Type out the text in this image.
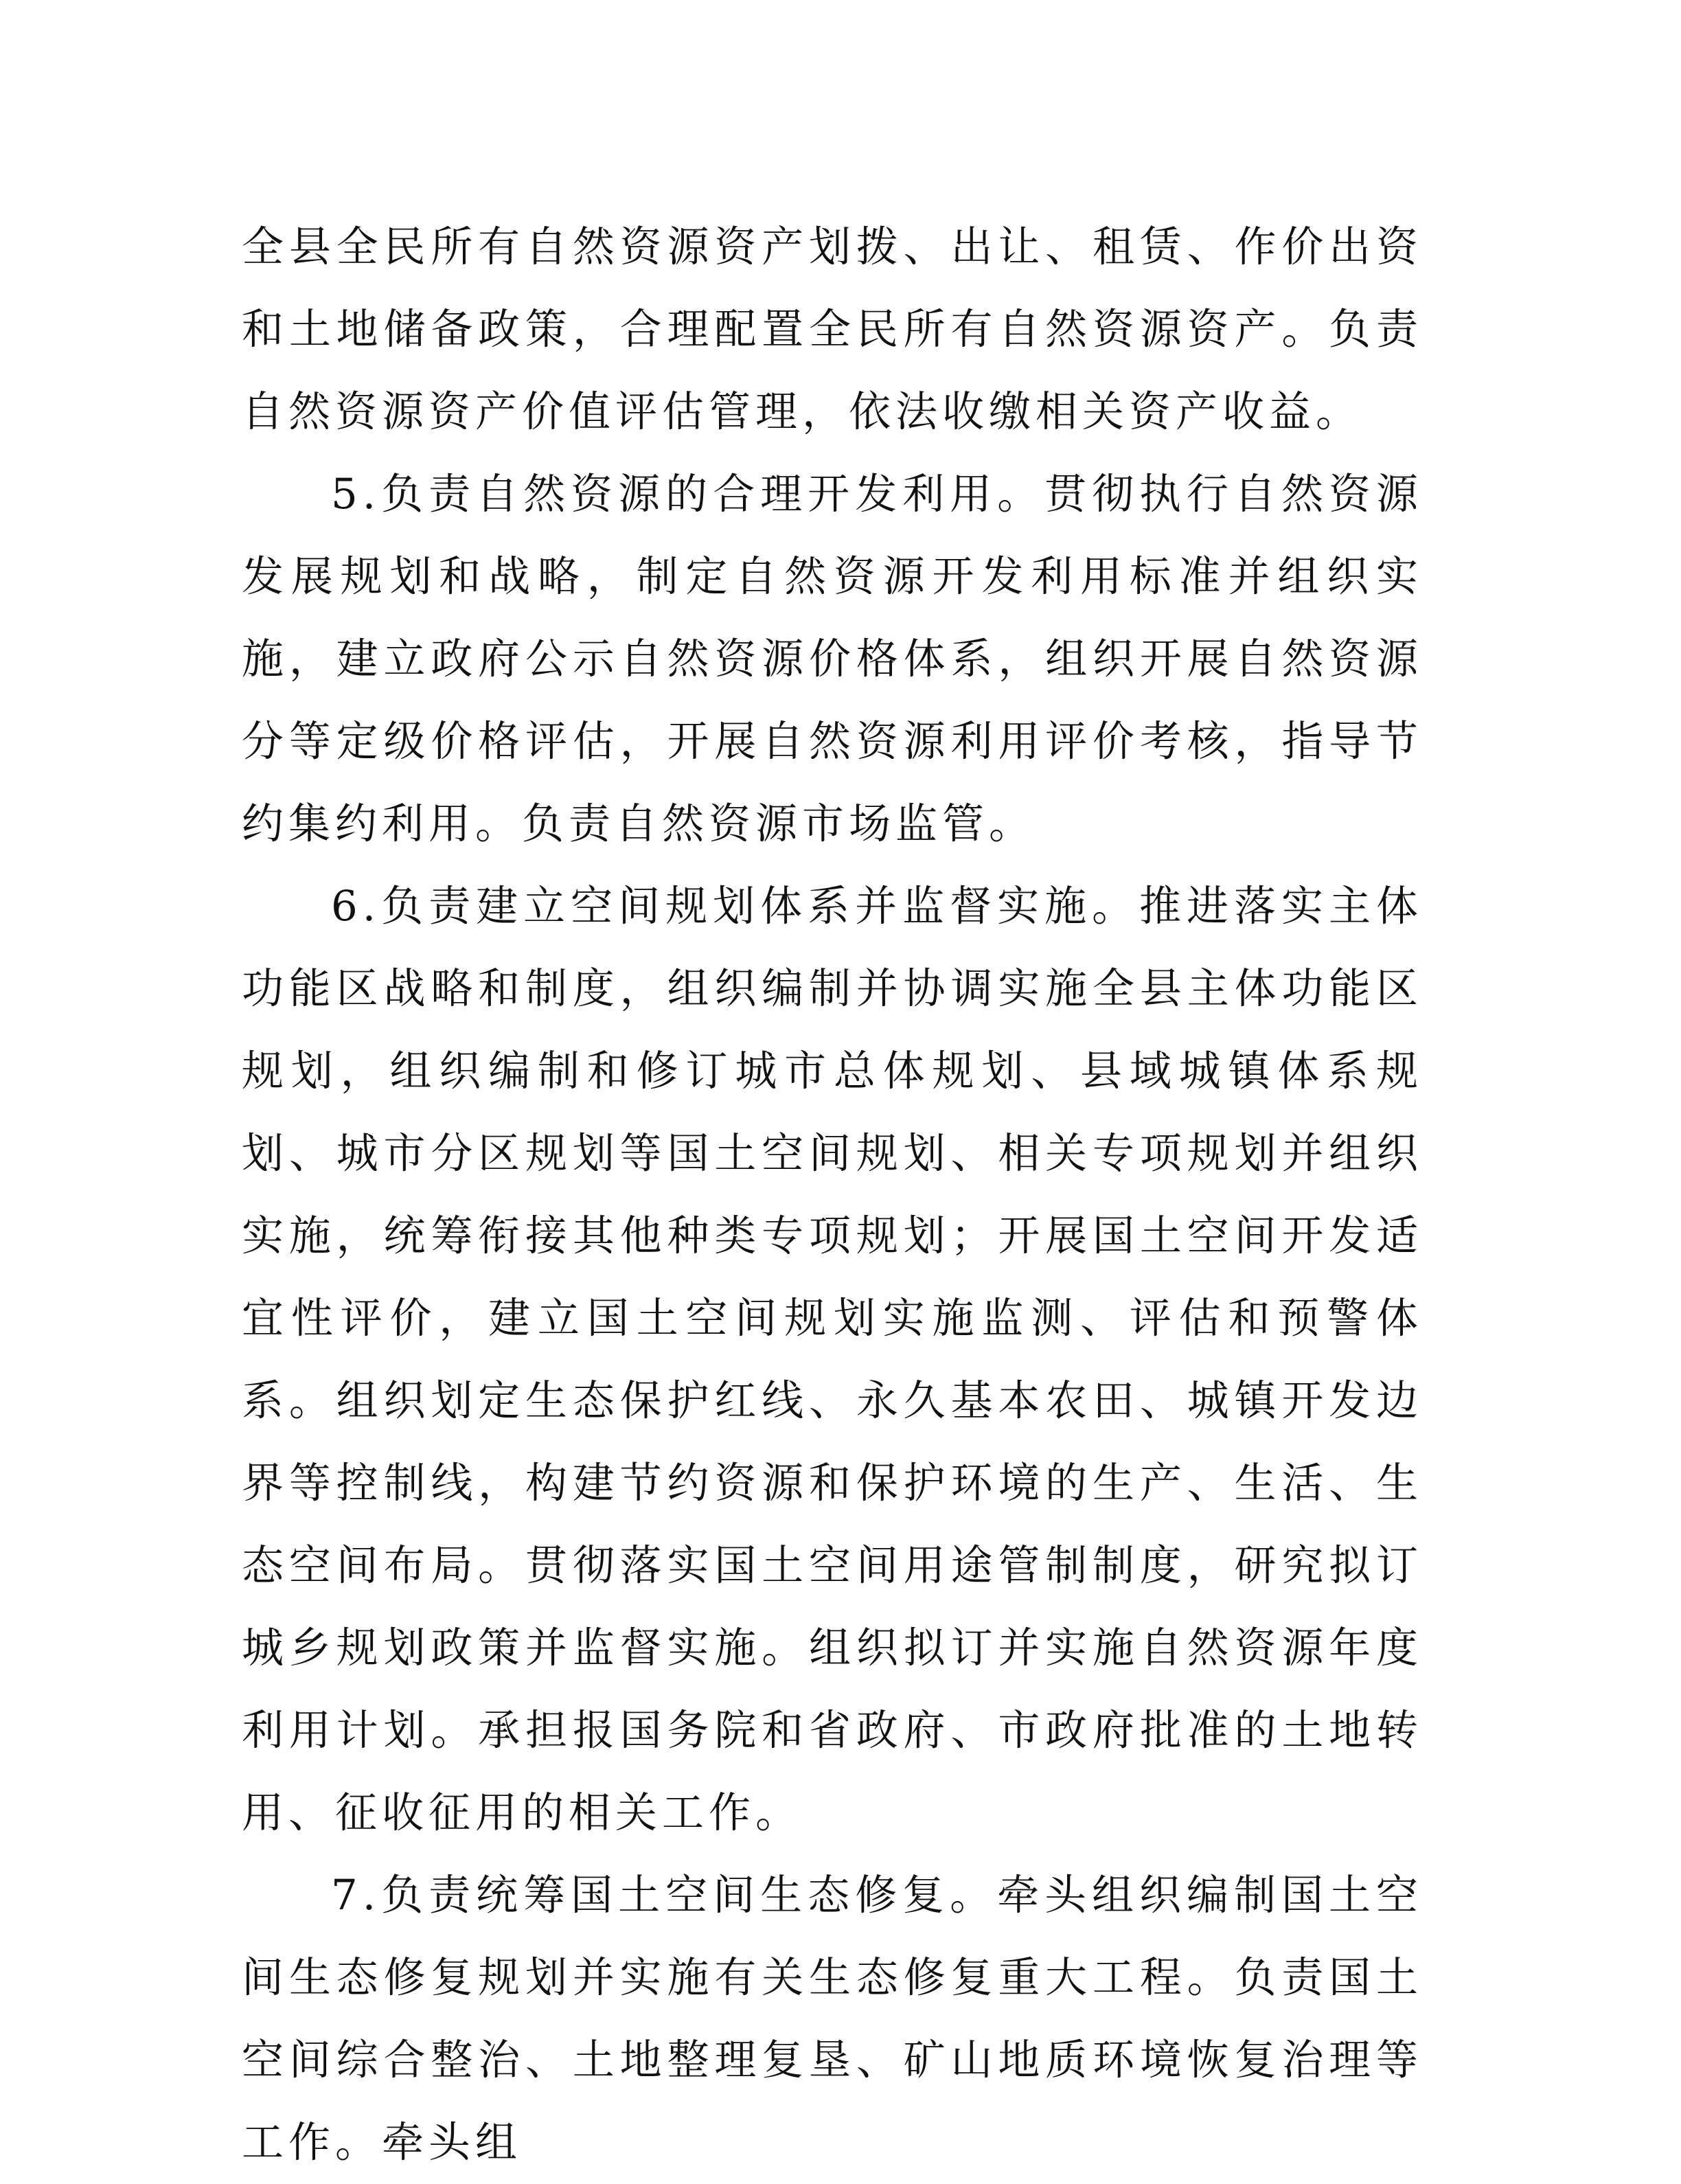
全县全民所有自然资源资产划拨、出让、租赁、作价出资和土地储备政策，合理配置全民所有自然资源资产。负责自然资源资产价值评估管理，依法收缴相关资产收益。

5.负责自然资源的合理开发利用。贯彻执行自然资源发展规划和战略，制定自然资源开发利用标准并组织实施，建立政府公示自然资源价格体系，组织开展自然资源分等定级价格评估，开展自然资源利用评价考核，指导节约集约利用。负责自然资源市场监管。

6.负责建立空间规划体系并监督实施。推进落实主体功能区战略和制度，组织编制并协调实施全县主体功能区规划，组织编制和修订城市总体规划、县域城镇体系规划、城市分区规划等国土空间规划、相关专项规划并组织实施，统筹衔接其他种类专项规划；开展国土空间开发适宜性评价，建立国土空间规划实施监测、评估和预警体系。组织划定生态保护红线、永久基本农田、城镇开发边界等控制线，构建节约资源和保护环境的生产、生活、生态空间布局。贯彻落实国土空间用途管制制度，研究拟订城乡规划政策并监督实施。组织拟订并实施自然资源年度利用计划。承担报国务院和省政府、市政府批准的土地转用、征收征用的相关工作。

7.负责统筹国土空间生态修复。牵头组织编制国土空间生态修复规划并实施有关生态修复重大工程。负责国土空间综合整治、土地整理复垦、矿山地质环境恢复治理等工作。牵头组
